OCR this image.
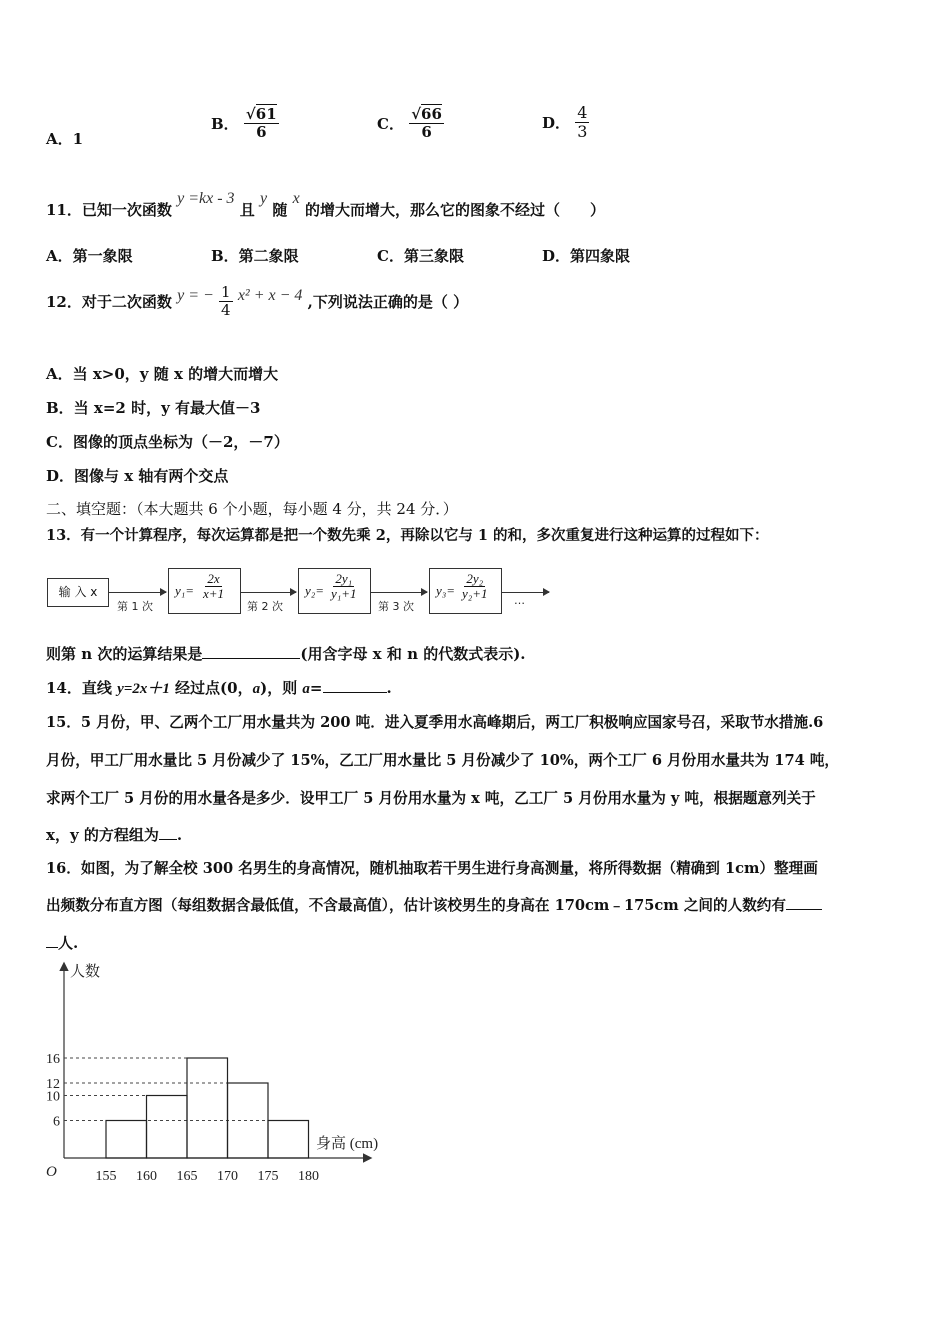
A．1
B． $\frac{√61}{6}$	C． $\frac{√66}{6}$	D． $\frac{4}{3}$
11．已知一次函数 y =kx - 3 且 y 随 x 的增大而增大，那么它的图象不经过（　　）
A．第一象限	B．第二象限	C．第三象限	D．第四象限
12．对于二次函数 y = − $\frac{1}{4} x^2 + x - 4$ ,下列说法正确的是（ ）
A．当 x>0，y 随 x 的增大而增大
B．当 x=2 时，y 有最大值－3
C．图像的顶点坐标为（－2，－7）
D．图像与 x 轴有两个交点
二、填空题：（本大题共 6 个小题，每小题 4 分，共 24 分．）
13．有一个计算程序，每次运算都是把一个数先乘 2，再除以它与 1 的和，多次重复进行这种运算的过程如下：
输 入 x
第 1 次
$y_1= \frac{2x}{x+1}$
第 2 次
$y_2= \frac{\text{2y₁}}{\text{y₁+1}}$
第 3 次
$y_3= \frac{\text{2y₂}}{\text{y₂+1}}$ …
则第 n 次的运算结果是	(用含字母 x 和 n 的代数式表示).
14．直线 y=2x＋1 经过点(0，a)，则 a=	.
15．5 月份，甲、乙两个工厂用水量共为 200 吨．进入夏季用水高峰期后，两工厂积极响应国家号召，采取节水措施.6
月份，甲工厂用水量比 5 月份减少了 15%，乙工厂用水量比 5 月份减少了 10%，两个工厂 6 月份用水量共为 174 吨，
求两个工厂 5 月份的用水量各是多少．设甲工厂 5 月份用水量为 x 吨，乙工厂 5 月份用水量为 y 吨，根据题意列关于
x，y 的方程组为 .
16．如图，为了解全校 300 名男生的身高情况，随机抽取若干男生进行身高测量，将所得数据（精确到 1cm）整理画
出频数分布直方图（每组数据含最低值，不含最高值），估计该校男生的身高在 170cm﹣175cm 之间的人数约有
人.
人数
身高 (cm)
O
6
10
12
16
155 160 165 170 175 180
